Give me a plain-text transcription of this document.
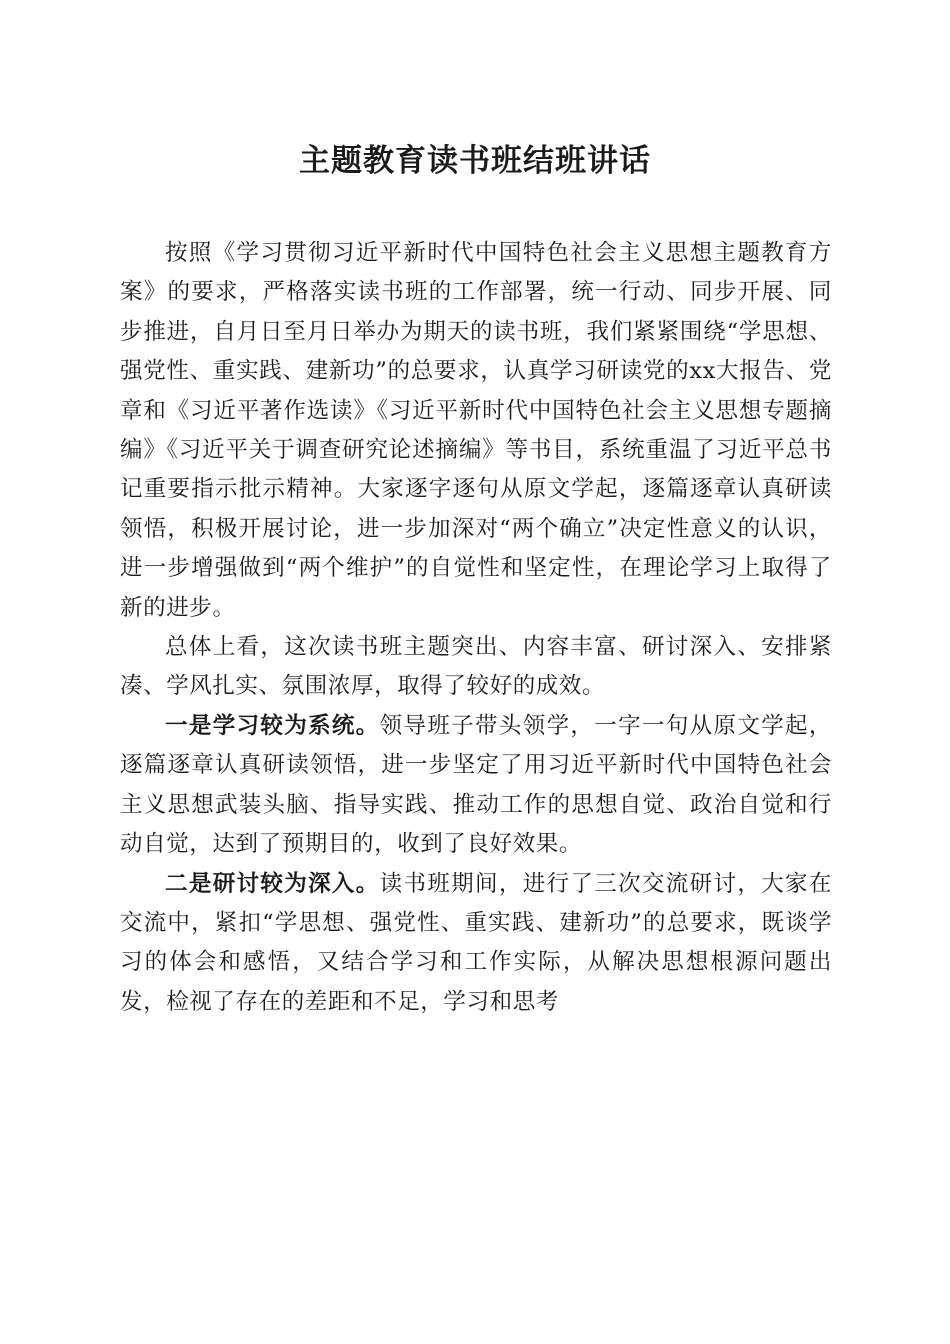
主题教育读书班结班讲话

按照《学习贯彻习近平新时代中国特色社会主义思想主题教育方案》的要求，严格落实读书班的工作部署，统一行动、同步开展、同步推进，自月日至月日举办为期天的读书班，我们紧紧围绕“学思想、强党性、重实践、建新功”的总要求，认真学习研读党的xx大报告、党章和《习近平著作选读》《习近平新时代中国特色社会主义思想专题摘编》《习近平关于调查研究论述摘编》等书目，系统重温了习近平总书记重要指示批示精神。大家逐字逐句从原文学起，逐篇逐章认真研读领悟，积极开展讨论，进一步加深对“两个确立”决定性意义的认识，进一步增强做到“两个维护”的自觉性和坚定性，在理论学习上取得了新的进步。

总体上看，这次读书班主题突出、内容丰富、研讨深入、安排紧凑、学风扎实、氛围浓厚，取得了较好的成效。

一是学习较为系统。领导班子带头领学，一字一句从原文学起，逐篇逐章认真研读领悟，进一步坚定了用习近平新时代中国特色社会主义思想武装头脑、指导实践、推动工作的思想自觉、政治自觉和行动自觉，达到了预期目的，收到了良好效果。

二是研讨较为深入。读书班期间，进行了三次交流研讨，大家在交流中，紧扣“学思想、强党性、重实践、建新功”的总要求，既谈学习的体会和感悟，又结合学习和工作实际，从解决思想根源问题出发，检视了存在的差距和不足，学习和思考
